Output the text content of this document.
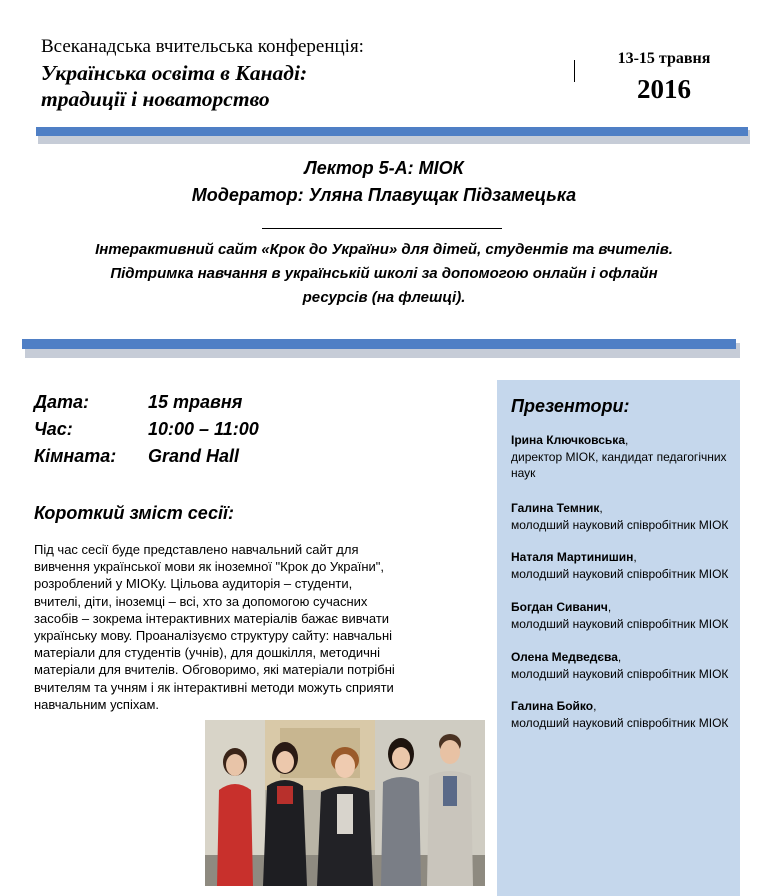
Всеканадська вчительська конференція:
Українська освіта в Канаді:
традиції і новаторство
13-15 травня
2016
Лектор 5-А: МІОК
Модератор: Уляна Плавущак Підзамецька
Інтерактивний сайт «Крок до України» для дітей, студентів та вчителів.
Підтримка навчання в українській школі за допомогою онлайн і офлайн
ресурсів (на флешці).
Дата:	15 травня
Час:	10:00 – 11:00
Кімната: Grand Hall
Короткий зміст сесії:
Під час сесії буде представлено навчальний сайт для вивчення української мови як іноземної "Крок до України", розроблений у МІОКу. Цільова аудиторія – студенти, вчителі, діти, іноземці – всі, хто за допомогою сучасних засобів – зокрема інтерактивних матеріалів бажає вивчати українську мову. Проаналізуємо структуру сайту: навчальні матеріали для студентів (учнів), для дошкілля, методичні матеріали для вчителів. Обговоримо, які матеріали потрібні вчителям та учням і як інтерактивні методи можуть сприяти навчальним успіхам.
Презентори:
Ірина Ключковська,
директор МІОК, кандидат педагогічних наук
Галина Темник,
молодший науковий співробітник МІОК
Наталя Мартинишин,
молодший науковий співробітник МІОК
Богдан Сиванич,
молодший науковий співробітник МІОК
Олена Медведєва,
молодший науковий співробітник МІОК
Галина Бойко,
молодший науковий співробітник МІОК
